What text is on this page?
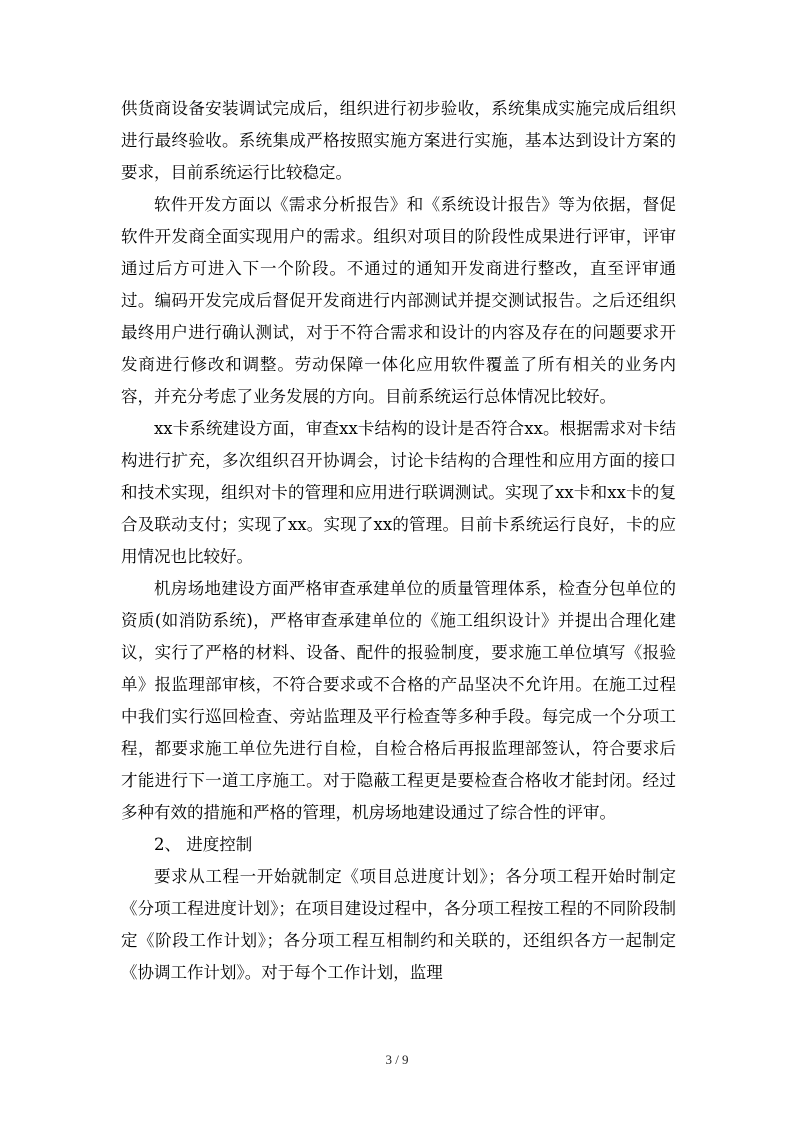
供货商设备安装调试完成后，组织进行初步验收，系统集成实施完成后组织进行最终验收。系统集成严格按照实施方案进行实施，基本达到设计方案的要求，目前系统运行比较稳定。

软件开发方面以《需求分析报告》和《系统设计报告》等为依据，督促软件开发商全面实现用户的需求。组织对项目的阶段性成果进行评审，评审通过后方可进入下一个阶段。不通过的通知开发商进行整改，直至评审通过。编码开发完成后督促开发商进行内部测试并提交测试报告。之后还组织最终用户进行确认测试，对于不符合需求和设计的内容及存在的问题要求开发商进行修改和调整。劳动保障一体化应用软件覆盖了所有相关的业务内容，并充分考虑了业务发展的方向。目前系统运行总体情况比较好。

xx卡系统建设方面，审查xx卡结构的设计是否符合xx。根据需求对卡结构进行扩充，多次组织召开协调会，讨论卡结构的合理性和应用方面的接口和技术实现，组织对卡的管理和应用进行联调测试。实现了xx卡和xx卡的复合及联动支付；实现了xx。实现了xx的管理。目前卡系统运行良好，卡的应用情况也比较好。

机房场地建设方面严格审查承建单位的质量管理体系，检查分包单位的资质(如消防系统)，严格审查承建单位的《施工组织设计》并提出合理化建议，实行了严格的材料、设备、配件的报验制度，要求施工单位填写《报验单》报监理部审核，不符合要求或不合格的产品坚决不允许用。在施工过程中我们实行巡回检查、旁站监理及平行检查等多种手段。每完成一个分项工程，都要求施工单位先进行自检，自检合格后再报监理部签认，符合要求后才能进行下一道工序施工。对于隐蔽工程更是要检查合格收才能封闭。经过多种有效的措施和严格的管理，机房场地建设通过了综合性的评审。

2、 进度控制

要求从工程一开始就制定《项目总进度计划》；各分项工程开始时制定《分项工程进度计划》；在项目建设过程中，各分项工程按工程的不同阶段制定《阶段工作计划》；各分项工程互相制约和关联的，还组织各方一起制定《协调工作计划》。对于每个工作计划，监理

3 / 9
